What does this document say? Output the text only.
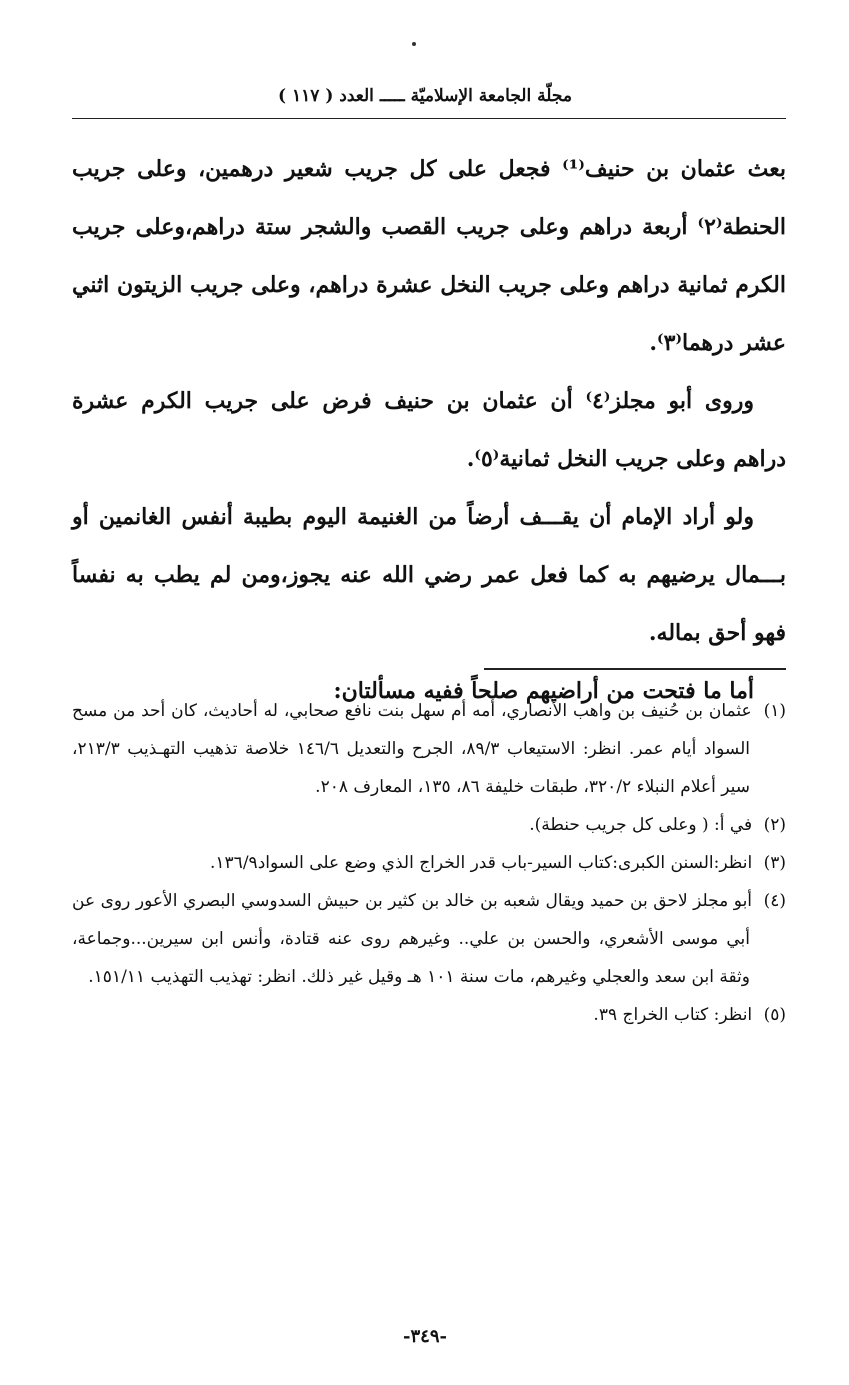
مجلّة الجامعة الإسلاميّة ـــــ العدد ( ١١٧ )

بعث عثمان بن حنيف⁽¹⁾ فجعل على كل جريب شعير درهمين، وعلى جريب الحنطة⁽٢⁾ أربعة دراهم وعلى جريب القصب والشجر ستة دراهم،وعلى جريب الكرم ثمانية دراهم وعلى جريب النخل عشرة دراهم، وعلى جريب الزيتون اثني عشر درهما⁽٣⁾.

وروى أبو مجلز⁽٤⁾ أن عثمان بن حنيف فرض على جريب الكرم عشرة دراهم وعلى جريب النخل ثمانية⁽٥⁾.

ولو أراد الإمام أن يقـــف أرضاً من الغنيمة اليوم بطيبة أنفس الغانمين أو بـــمال يرضيهم به كما فعل عمر رضي الله عنه يجوز،ومن لم يطب به نفساً فهو أحق بماله.

أما ما فتحت من أراضيهم صلحاً ففيه مسألتان:

(١) عثمان بن حُنيف بن واهب الأنصاري، أمه أم سهل بنت نافع صحابي، له أحاديث، كان أحد من مسح السواد أيام عمر. انظر: الاستيعاب ٨٩/٣، الجرح والتعديل ١٤٦/٦ خلاصة تذهيب التهـذيب ٢١٣/٣، سير أعلام النبلاء ٣٢٠/٢، طبقات خليفة ٨٦، ١٣٥، المعارف ٢٠٨.
(٢) في أ: ( وعلى كل جريب حنطة).
(٣) انظر:السنن الكبرى:كتاب السير-باب قدر الخراج الذي وضع على السواد١٣٦/٩.
(٤) أبو مجلز لاحق بن حميد ويقال شعبه بن خالد بن كثير بن حبيش السدوسي البصري الأعور روى عن أبي موسى الأشعري، والحسن بن علي.. وغيرهم روى عنه قتادة، وأنس ابن سيرين...وجماعة، وثقة ابن سعد والعجلي وغيرهم، مات سنة ١٠١ هـ وقيل غير ذلك. انظر: تهذيب التهذيب ١٥١/١١.
(٥) انظر: كتاب الخراج ٣٩.
-٣٤٩-
